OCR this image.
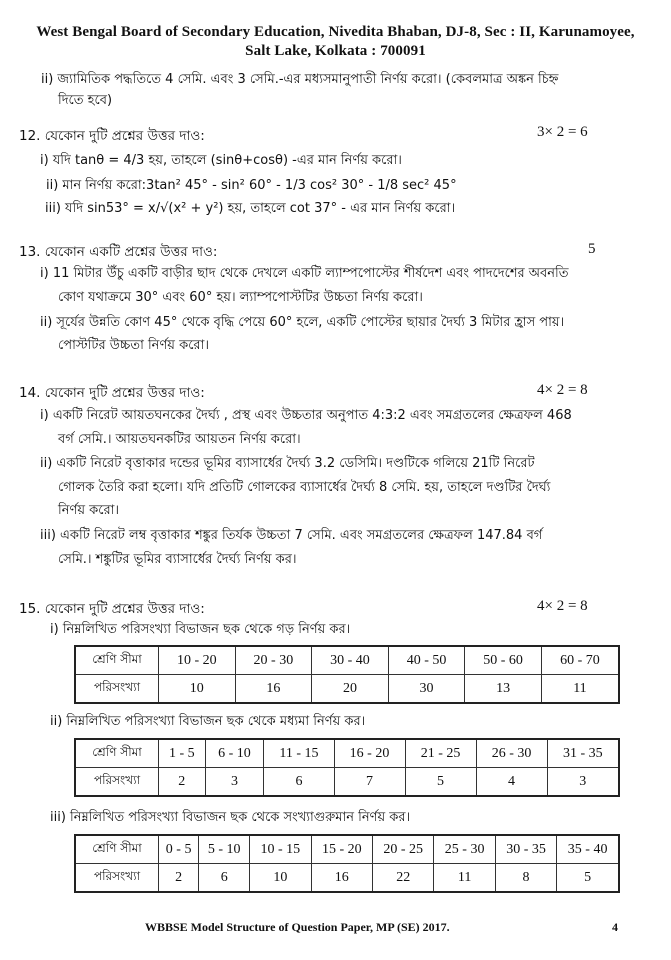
West Bengal Board of Secondary Education, Nivedita Bhaban, DJ-8, Sec : II, Karunamoyee,
Salt Lake, Kolkata : 700091
ii) জ্যামিতিক পদ্ধতিতে 4 সেমি. এবং 3 সেমি.-এর মধ্যসমানুপাতী নির্ণয় করো। (কেবলমাত্র অঙ্কন চিহ্ন
দিতে হবে)
12. যেকোন দুটি প্রশ্নের উত্তর দাও:	3× 2 = 6
i) যদি tanθ = 4/3 হয়, তাহলে (sinθ+cosθ) -এর মান নির্ণয় করো।
ii) মান নির্ণয় করো:3tan² 45° - sin² 60° - 1/3 cos² 30° - 1/8 sec² 45°
iii) যদি sin53° = x/√(x² + y²) হয়, তাহলে cot 37° - এর মান নির্ণয় করো।
13. যেকোন একটি প্রশ্নের উত্তর দাও:	5
i) 11 মিটার উঁচু একটি বাড়ীর ছাদ থেকে দেখলে একটি ল্যাম্পপোস্টের শীর্ষদেশ এবং পাদদেশের অবনতি
কোণ যথাক্রমে 30° এবং 60° হয়। ল্যাম্পপোস্টটির উচ্চতা নির্ণয় করো।
ii) সূর্যের উন্নতি কোণ 45° থেকে বৃদ্ধি পেয়ে 60° হলে, একটি পোস্টের ছায়ার দৈর্ঘ্য 3 মিটার হ্রাস পায়।
পোস্টটির উচ্চতা নির্ণয় করো।
14. যেকোন দুটি প্রশ্নের উত্তর দাও:	4× 2 = 8
i) একটি নিরেট আয়তঘনকের দৈর্ঘ্য , প্রস্থ এবং উচ্চতার অনুপাত 4:3:2 এবং সমগ্রতলের ক্ষেত্রফল 468
বর্গ সেমি.। আয়তঘনকটির আয়তন নির্ণয় করো।
ii) একটি নিরেট বৃত্তাকার দন্ডের ভূমির ব্যাসার্ধের দৈর্ঘ্য 3.2 ডেসিমি। দণ্ডটিকে গলিয়ে 21টি নিরেট
গোলক তৈরি করা হলো। যদি প্রতিটি গোলকের ব্যাসার্ধের দৈর্ঘ্য 8 সেমি. হয়, তাহলে দণ্ডটির দৈর্ঘ্য
নির্ণয় করো।
iii) একটি নিরেট লম্ব বৃত্তাকার শঙ্কুর তির্যক উচ্চতা 7 সেমি. এবং সমগ্রতলের ক্ষেত্রফল 147.84 বর্গ
সেমি.। শঙ্কুটির ভূমির ব্যাসার্ধের দৈর্ঘ্য নির্ণয় কর।
15. যেকোন দুটি প্রশ্নের উত্তর দাও:	4× 2 = 8
i) নিম্নলিখিত পরিসংখ্যা বিভাজন ছক থেকে গড় নির্ণয় কর।
শ্রেণি সীমা	10 - 20	20 - 30	30 - 40	40 - 50	50 - 60	60 - 70
পরিসংখ্যা	10	16	20	30	13	11
ii) নিম্নলিখিত পরিসংখ্যা বিভাজন ছক থেকে মধ্যমা নির্ণয় কর।
শ্রেণি সীমা	1 - 5	6 - 10	11 - 15	16 - 20	21 - 25	26 - 30	31 - 35
পরিসংখ্যা	2	3	6	7	5	4	3
iii) নিম্নলিখিত পরিসংখ্যা বিভাজন ছক থেকে সংখ্যাগুরুমান নির্ণয় কর।
শ্রেণি সীমা	0 - 5	5 - 10	10 - 15	15 - 20	20 - 25	25 - 30	30 - 35	35 - 40
পরিসংখ্যা	2	6	10	16	22	11	8	5
WBBSE Model Structure of Question Paper, MP (SE) 2017.	4
